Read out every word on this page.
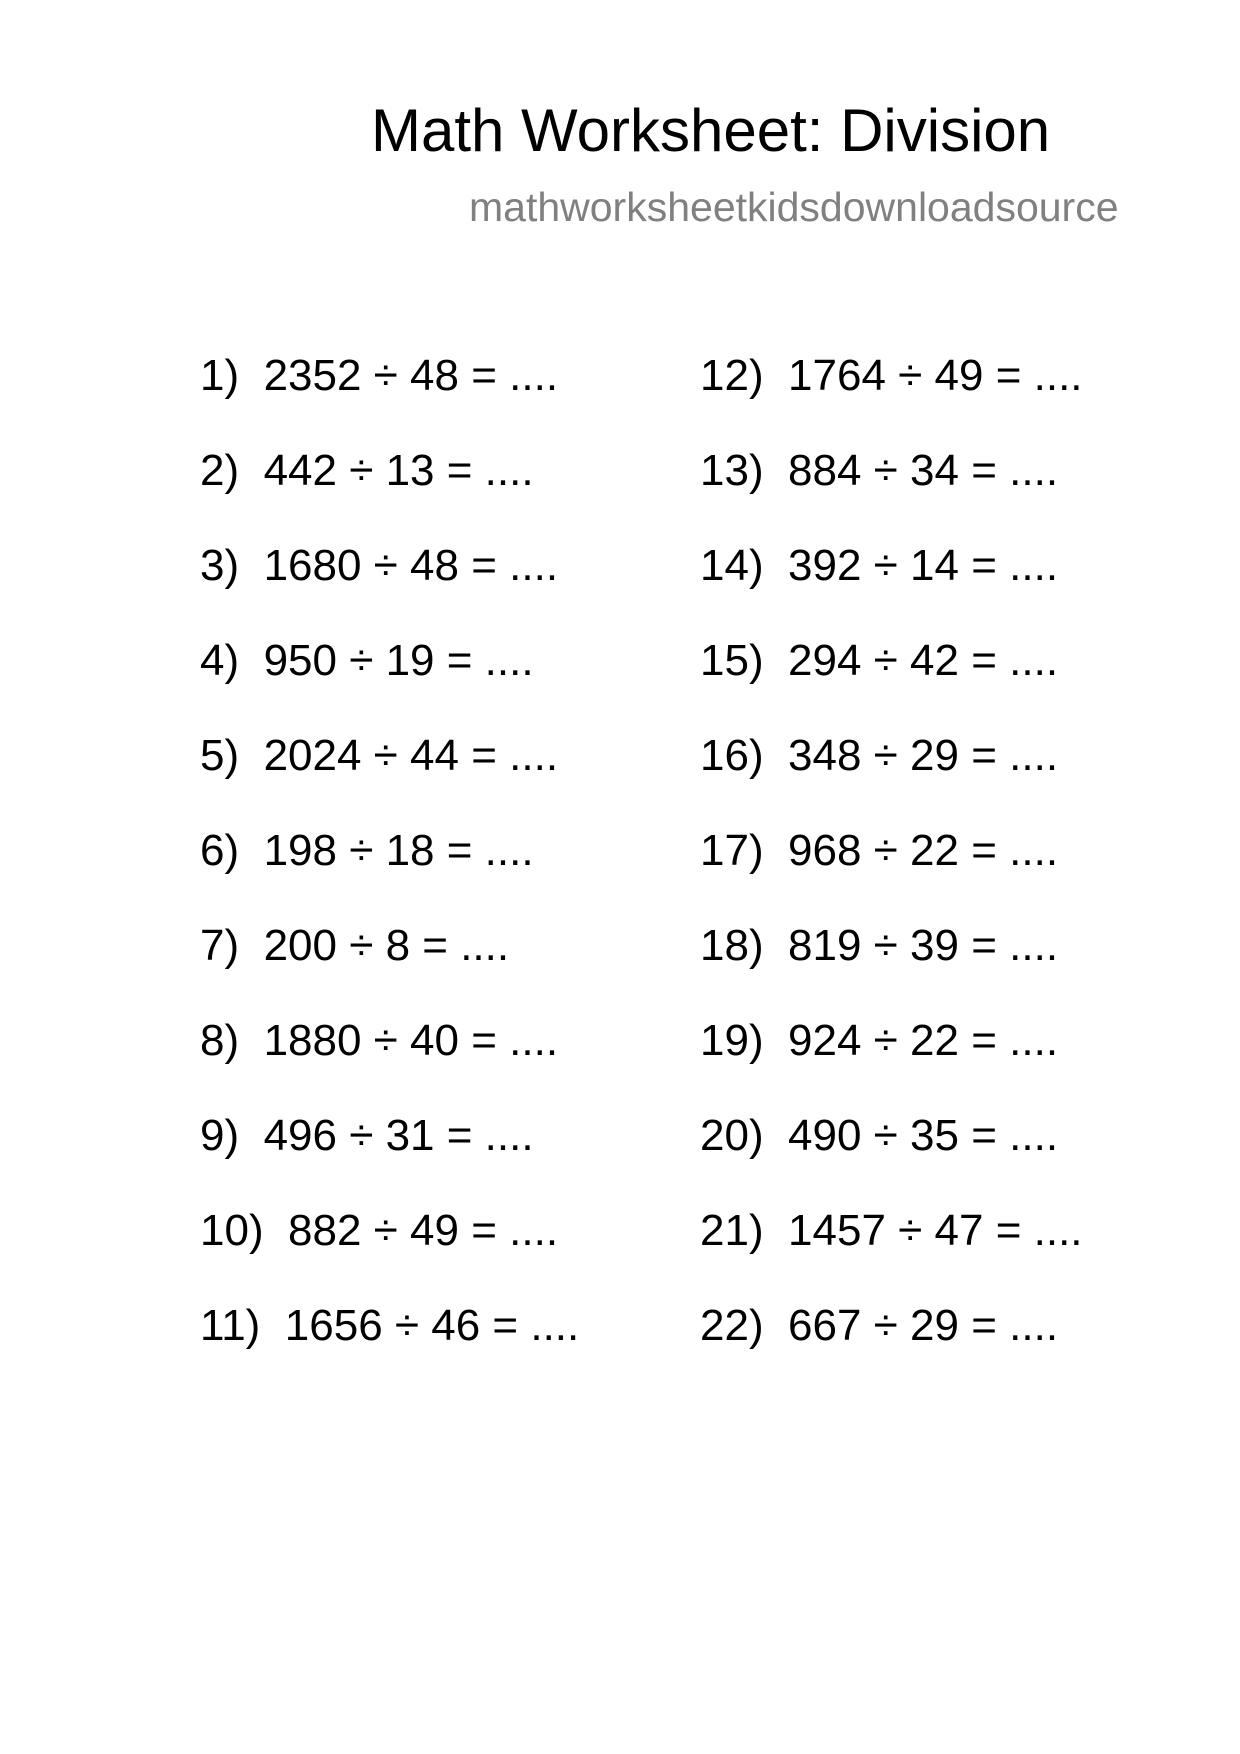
Math Worksheet: Division
mathworksheetkidsdownloadsource
1) 2352 ÷ 48 = ....
2) 442 ÷ 13 = ....
3) 1680 ÷ 48 = ....
4) 950 ÷ 19 = ....
5) 2024 ÷ 44 = ....
6) 198 ÷ 18 = ....
7) 200 ÷ 8 = ....
8) 1880 ÷ 40 = ....
9) 496 ÷ 31 = ....
10) 882 ÷ 49 = ....
11) 1656 ÷ 46 = ....
12) 1764 ÷ 49 = ....
13) 884 ÷ 34 = ....
14) 392 ÷ 14 = ....
15) 294 ÷ 42 = ....
16) 348 ÷ 29 = ....
17) 968 ÷ 22 = ....
18) 819 ÷ 39 = ....
19) 924 ÷ 22 = ....
20) 490 ÷ 35 = ....
21) 1457 ÷ 47 = ....
22) 667 ÷ 29 = ....
